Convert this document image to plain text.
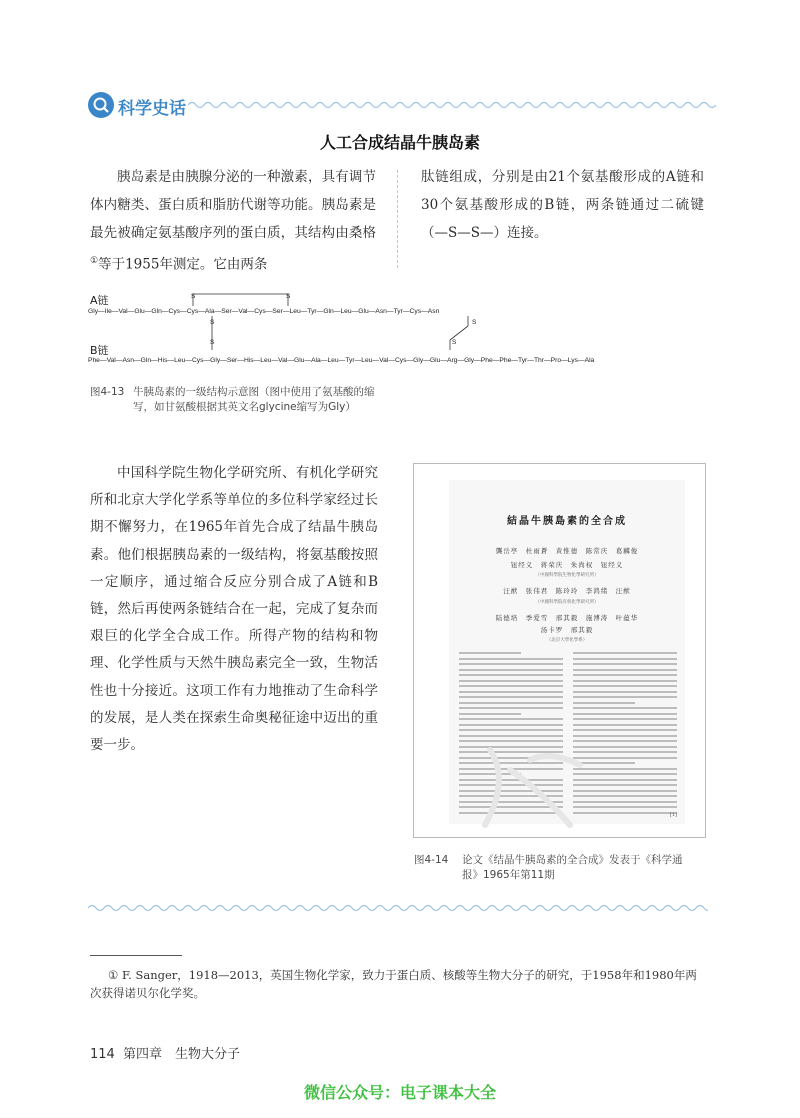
科学史话
人工合成结晶牛胰岛素
胰岛素是由胰腺分泌的一种激素，具有调节体内糖类、蛋白质和脂肪代谢等功能。胰岛素是最先被确定氨基酸序列的蛋白质，其结构由桑格①等于1955年测定。它由两条
肽链组成，分别是由21个氨基酸形成的A链和30个氨基酸形成的B链，两条链通过二硫键（—S—S—）连接。
A链
Gly—Ile—Val—Glu—Gln—Cys—Cys—Ala—Ser—Val—Cys—Ser—Leu—Tyr—Gln—Leu—Glu—Asn—Tyr—Cys—Asn
B链
Phe—Val—Asn—Gln—His—Leu—Cys—Gly—Ser—His—Leu—Val—Glu—Ala—Leu—Tyr—Leu—Val—Cys—Gly—Glu—Arg—Gly—Phe—Phe—Tyr—Thr—Pro—Lys—Ala
S	S
S
S
S
S
图4-13 牛胰岛素的一级结构示意图（图中使用了氨基酸的缩写，如甘氨酸根据其英文名glycine缩写为Gly）
中国科学院生物化学研究所、有机化学研究所和北京大学化学系等单位的多位科学家经过长期不懈努力，在1965年首先合成了结晶牛胰岛素。他们根据胰岛素的一级结构，将氨基酸按照一定顺序，通过缩合反应分别合成了A链和B链，然后再使两条链结合在一起，完成了复杂而艰巨的化学全合成工作。所得产物的结构和物理、化学性质与天然牛胰岛素完全一致，生物活性也十分接近。这项工作有力地推动了生命科学的发展，是人类在探索生命奥秘征途中迈出的重要一步。
結晶牛胰島素的全合成
龔岳亭　杜雨蒼　黄惟德　陈常庆　葛麟俊
钮经义　蒋荣庆　朱尚权　钮经义
（中國科學院生物化學研究所）
汪猷　张伟君　陈玲玲　李鸿绪　汪猷
（中國科學院有机化學研究所）
陆德培　季爱雪　邢其毅　施溥涛　叶蕴华
汤卡罗　邢其毅
（北京大學化學系）
[1]
图4-14	论文《结晶牛胰岛素的全合成》发表于《科学通报》1965年第11期
① F. Sanger，1918—2013，英国生物化学家，致力于蛋白质、核酸等生物大分子的研究，于1958年和1980年两次获得诺贝尔化学奖。
114 第四章　生物大分子
微信公众号：电子课本大全
